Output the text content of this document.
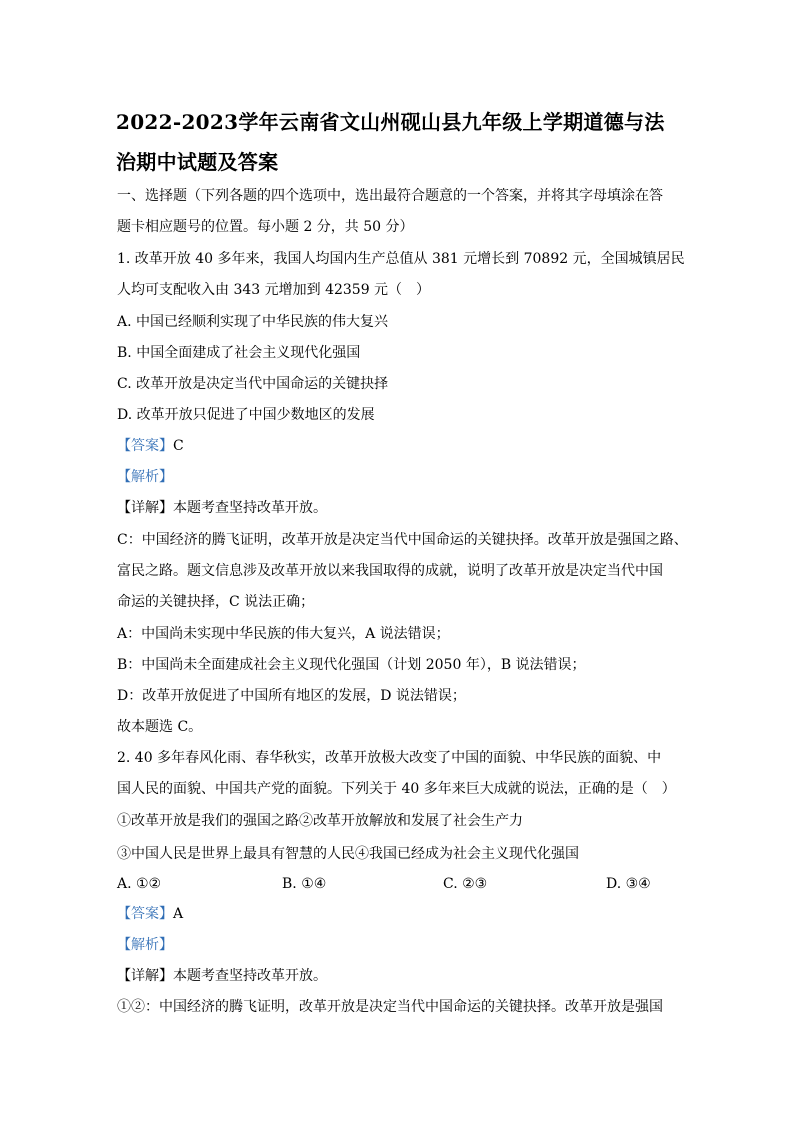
2022-2023学年云南省文山州砚山县九年级上学期道德与法
治期中试题及答案
一、选择题（下列各题的四个选项中，选出最符合题意的一个答案，并将其字母填涂在答
题卡相应题号的位置。每小题 2 分，共 50 分）
1. 改革开放 40 多年来，我国人均国内生产总值从 381 元增长到 70892 元，全国城镇居民
人均可支配收入由 343 元增加到 42359 元（　）
A. 中国已经顺利实现了中华民族的伟大复兴
B. 中国全面建成了社会主义现代化强国
C. 改革开放是决定当代中国命运的关键抉择
D. 改革开放只促进了中国少数地区的发展
【答案】C
【解析】
【详解】本题考查坚持改革开放。
C：中国经济的腾飞证明，改革开放是决定当代中国命运的关键抉择。改革开放是强国之路、
富民之路。题文信息涉及改革开放以来我国取得的成就，说明了改革开放是决定当代中国
命运的关键抉择，C 说法正确；
A：中国尚未实现中华民族的伟大复兴，A 说法错误；
B：中国尚未全面建成社会主义现代化强国（计划 2050 年），B 说法错误；
D：改革开放促进了中国所有地区的发展，D 说法错误；
故本题选 C。
2. 40 多年春风化雨、春华秋实，改革开放极大改变了中国的面貌、中华民族的面貌、中
国人民的面貌、中国共产党的面貌。下列关于 40 多年来巨大成就的说法，正确的是（　）
①改革开放是我们的强国之路②改革开放解放和发展了社会生产力
③中国人民是世界上最具有智慧的人民④我国已经成为社会主义现代化强国
A. ①②	B. ①④	C. ②③	D. ③④
【答案】A
【解析】
【详解】本题考查坚持改革开放。
①②：中国经济的腾飞证明，改革开放是决定当代中国命运的关键抉择。改革开放是强国
